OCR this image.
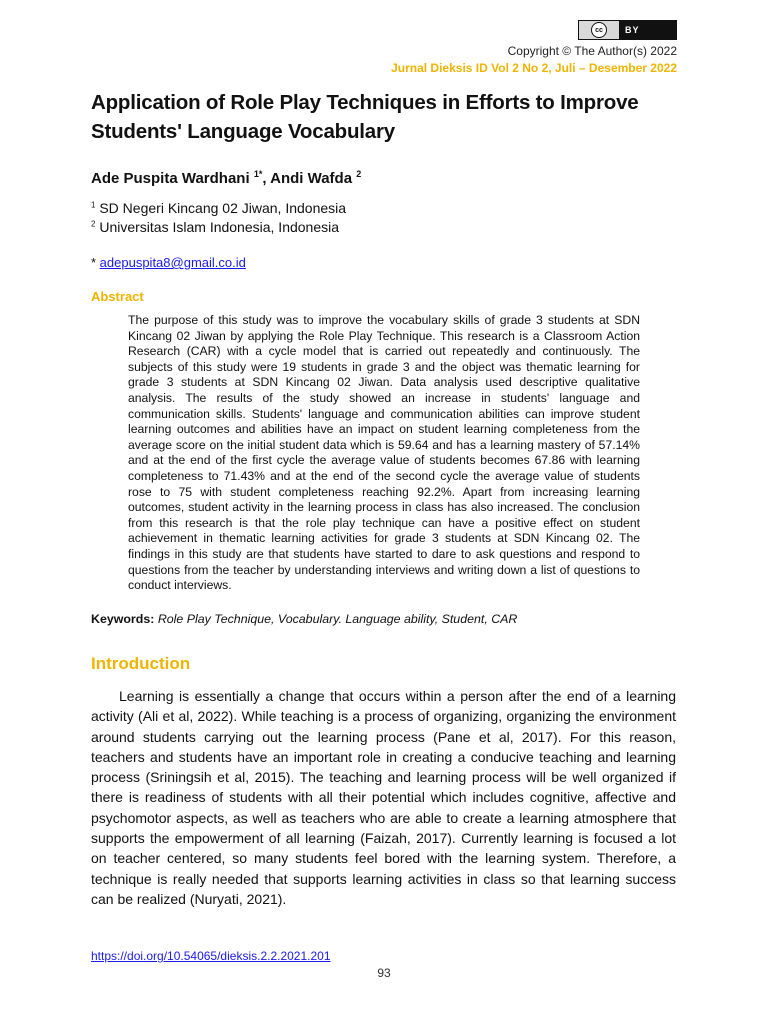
cc	BY
Copyright © The Author(s) 2022
Jurnal Dieksis ID Vol 2 No 2, Juli – Desember 2022
Application of Role Play Techniques in Efforts to Improve Students' Language Vocabulary
Ade Puspita Wardhani $^{1*}$, Andi Wafda $^2$
$^1$ SD Negeri Kincang 02 Jiwan, Indonesia
$^2$ Universitas Islam Indonesia, Indonesia
* adepuspita8@gmail.co.id
Abstract
The purpose of this study was to improve the vocabulary skills of grade 3 students at SDN Kincang 02 Jiwan by applying the Role Play Technique. This research is a Classroom Action Research (CAR) with a cycle model that is carried out repeatedly and continuously. The subjects of this study were 19 students in grade 3 and the object was thematic learning for grade 3 students at SDN Kincang 02 Jiwan. Data analysis used descriptive qualitative analysis. The results of the study showed an increase in students' language and communication skills. Students' language and communication abilities can improve student learning outcomes and abilities have an impact on student learning completeness from the average score on the initial student data which is 59.64 and has a learning mastery of 57.14% and at the end of the first cycle the average value of students becomes 67.86 with learning completeness to 71.43% and at the end of the second cycle the average value of students rose to 75 with student completeness reaching 92.2%. Apart from increasing learning outcomes, student activity in the learning process in class has also increased. The conclusion from this research is that the role play technique can have a positive effect on student achievement in thematic learning activities for grade 3 students at SDN Kincang 02. The findings in this study are that students have started to dare to ask questions and respond to questions from the teacher by understanding interviews and writing down a list of questions to conduct interviews.
Keywords: Role Play Technique, Vocabulary. Language ability, Student, CAR
Introduction
Learning is essentially a change that occurs within a person after the end of a learning activity (Ali et al, 2022). While teaching is a process of organizing, organizing the environment around students carrying out the learning process (Pane et al, 2017). For this reason, teachers and students have an important role in creating a conducive teaching and learning process (Sriningsih et al, 2015). The teaching and learning process will be well organized if there is readiness of students with all their potential which includes cognitive, affective and psychomotor aspects, as well as teachers who are able to create a learning atmosphere that supports the empowerment of all learning (Faizah, 2017). Currently learning is focused a lot on teacher centered, so many students feel bored with the learning system. Therefore, a technique is really needed that supports learning activities in class so that learning success can be realized (Nuryati, 2021).
https://doi.org/10.54065/dieksis.2.2.2021.201
93
